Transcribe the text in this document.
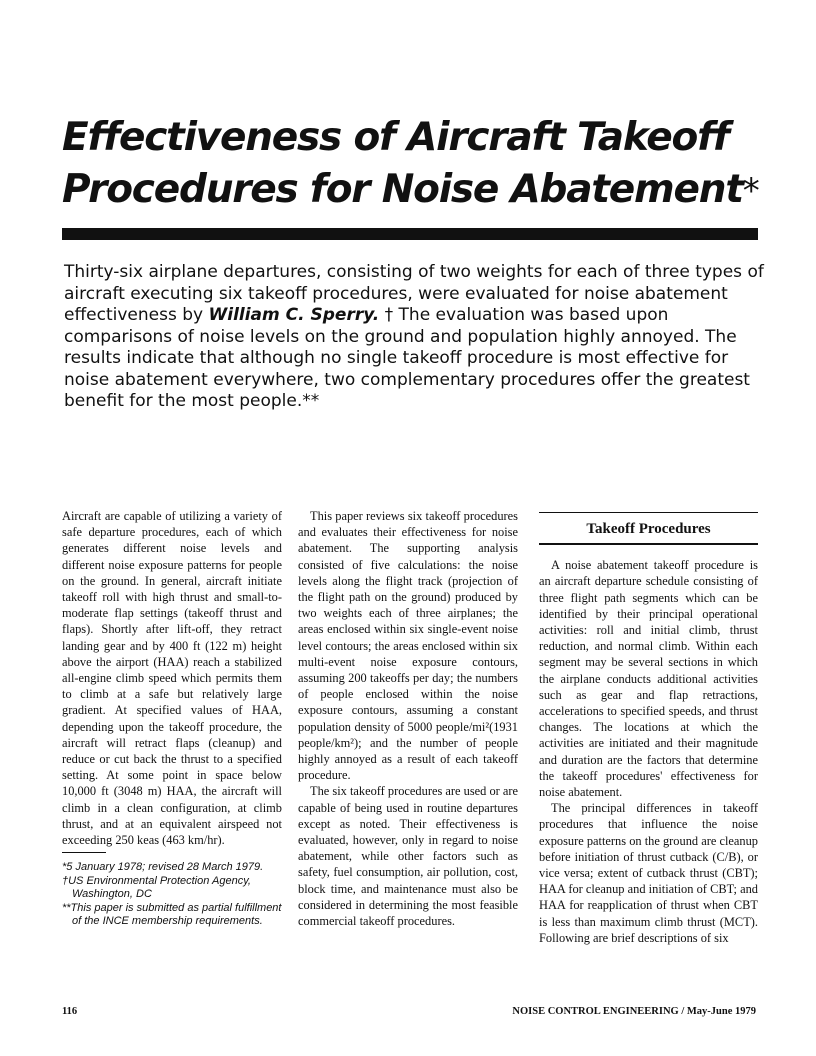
Effectiveness of Aircraft Takeoff
Procedures for Noise Abatement*
Thirty-six airplane departures, consisting of two weights for each of three types of aircraft executing six takeoff procedures, were evaluated for noise abatement effectiveness by William C. Sperry. † The evaluation was based upon comparisons of noise levels on the ground and population highly annoyed. The results indicate that although no single takeoff procedure is most effective for noise abatement everywhere, two complementary procedures offer the greatest benefit for the most people.**

Aircraft are capable of utilizing a variety of safe departure procedures, each of which generates different noise levels and different noise exposure patterns for people on the ground. In general, aircraft initiate takeoff roll with high thrust and small-to-moderate flap settings (takeoff thrust and flaps). Shortly after lift-off, they retract landing gear and by 400 ft (122 m) height above the airport (HAA) reach a stabilized all-engine climb speed which permits them to climb at a safe but relatively large gradient. At specified values of HAA, depending upon the takeoff procedure, the aircraft will retract flaps (cleanup) and reduce or cut back the thrust to a specified setting. At some point in space below 10,000 ft (3048 m) HAA, the aircraft will climb in a clean configuration, at climb thrust, and at an equivalent airspeed not exceeding 250 keas (463 km/hr).

*5 January 1978; revised 28 March 1979.
†US Environmental Protection Agency, Washington, DC
**This paper is submitted as partial fulfillment of the INCE membership requirements.

This paper reviews six takeoff procedures and evaluates their effectiveness for noise abatement. The supporting analysis consisted of five calculations: the noise levels along the flight track (projection of the flight path on the ground) produced by two weights each of three airplanes; the areas enclosed within six single-event noise level contours; the areas enclosed within six multi-event noise exposure contours, assuming 200 takeoffs per day; the numbers of people enclosed within the noise exposure contours, assuming a constant population density of 5000 people/mi²(1931 people/km²); and the number of people highly annoyed as a result of each takeoff procedure.

The six takeoff procedures are used or are capable of being used in routine departures except as noted. Their effectiveness is evaluated, however, only in regard to noise abatement, while other factors such as safety, fuel consumption, air pollution, cost, block time, and maintenance must also be considered in determining the most feasible commercial takeoff procedures.

Takeoff Procedures

A noise abatement takeoff procedure is an aircraft departure schedule consisting of three flight path segments which can be identified by their principal operational activities: roll and initial climb, thrust reduction, and normal climb. Within each segment may be several sections in which the airplane conducts additional activities such as gear and flap retractions, accelerations to specified speeds, and thrust changes. The locations at which the activities are initiated and their magnitude and duration are the factors that determine the takeoff procedures' effectiveness for noise abatement.

The principal differences in takeoff procedures that influence the noise exposure patterns on the ground are cleanup before initiation of thrust cutback (C/B), or vice versa; extent of cutback thrust (CBT); HAA for cleanup and initiation of CBT; and HAA for reapplication of thrust when CBT is less than maximum climb thrust (MCT). Following are brief descriptions of six

116	NOISE CONTROL ENGINEERING / May-June 1979
